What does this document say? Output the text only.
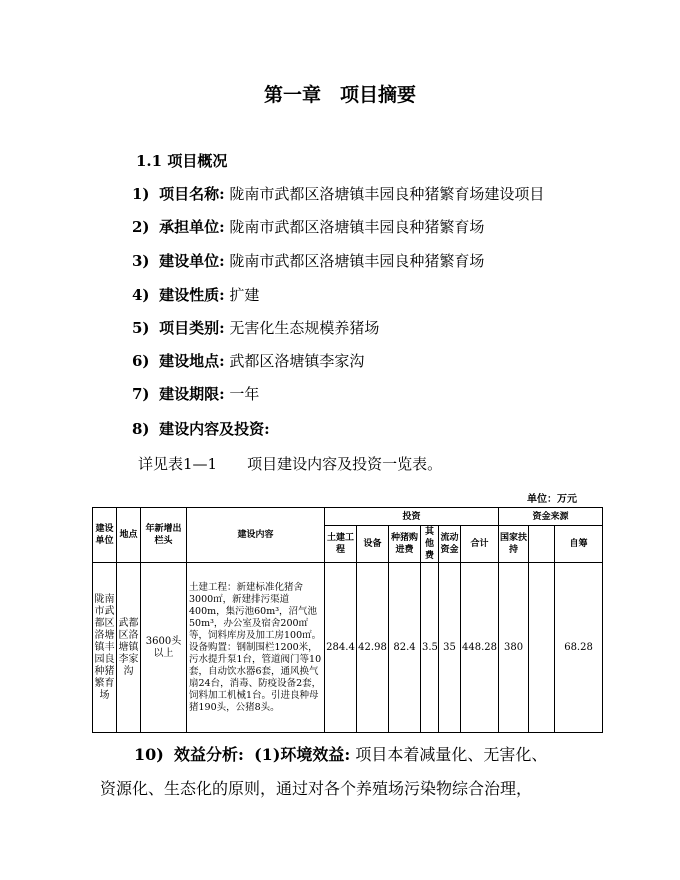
第一章　项目摘要
1.1 项目概况
1) 项目名称: 陇南市武都区洛塘镇丰园良种猪繁育场建设项目
2) 承担单位: 陇南市武都区洛塘镇丰园良种猪繁育场
3) 建设单位: 陇南市武都区洛塘镇丰园良种猪繁育场
4) 建设性质: 扩建
5) 项目类别: 无害化生态规模养猪场
6) 建设地点: 武都区洛塘镇李家沟
7) 建设期限: 一年
8) 建设内容及投资:
详见表1—1　　项目建设内容及投资一览表。
单位：万元
建设单位	地点	年新增出栏头	建设内容	投资						资金来源		
				土建工程	设备	种猪购进费	其他费	流动资金	合计	国家扶持		自筹
陇南市武都区洛塘镇丰园良种猪繁育场	武都区洛塘镇李家沟	3600头以上	土建工程：新建标准化猪舍3000㎡，新建排污渠道400m，集污池60m³，沼气池50m³，办公室及宿舍200㎡等，饲料库房及加工房100㎡。设备购置：钢制围栏1200米，污水提升泵1台，管道阀门等10套，自动饮水器6套，通风换气扇24台，消毒、防疫设备2套，饲料加工机械1台。引进良种母猪190头，公猪8头。	284.4	42.98	82.4	3.5	35	448.28	380		68.28
10) 效益分析: (1)环境效益: 项目本着减量化、无害化、
资源化、生态化的原则，通过对各个养殖场污染物综合治理，
